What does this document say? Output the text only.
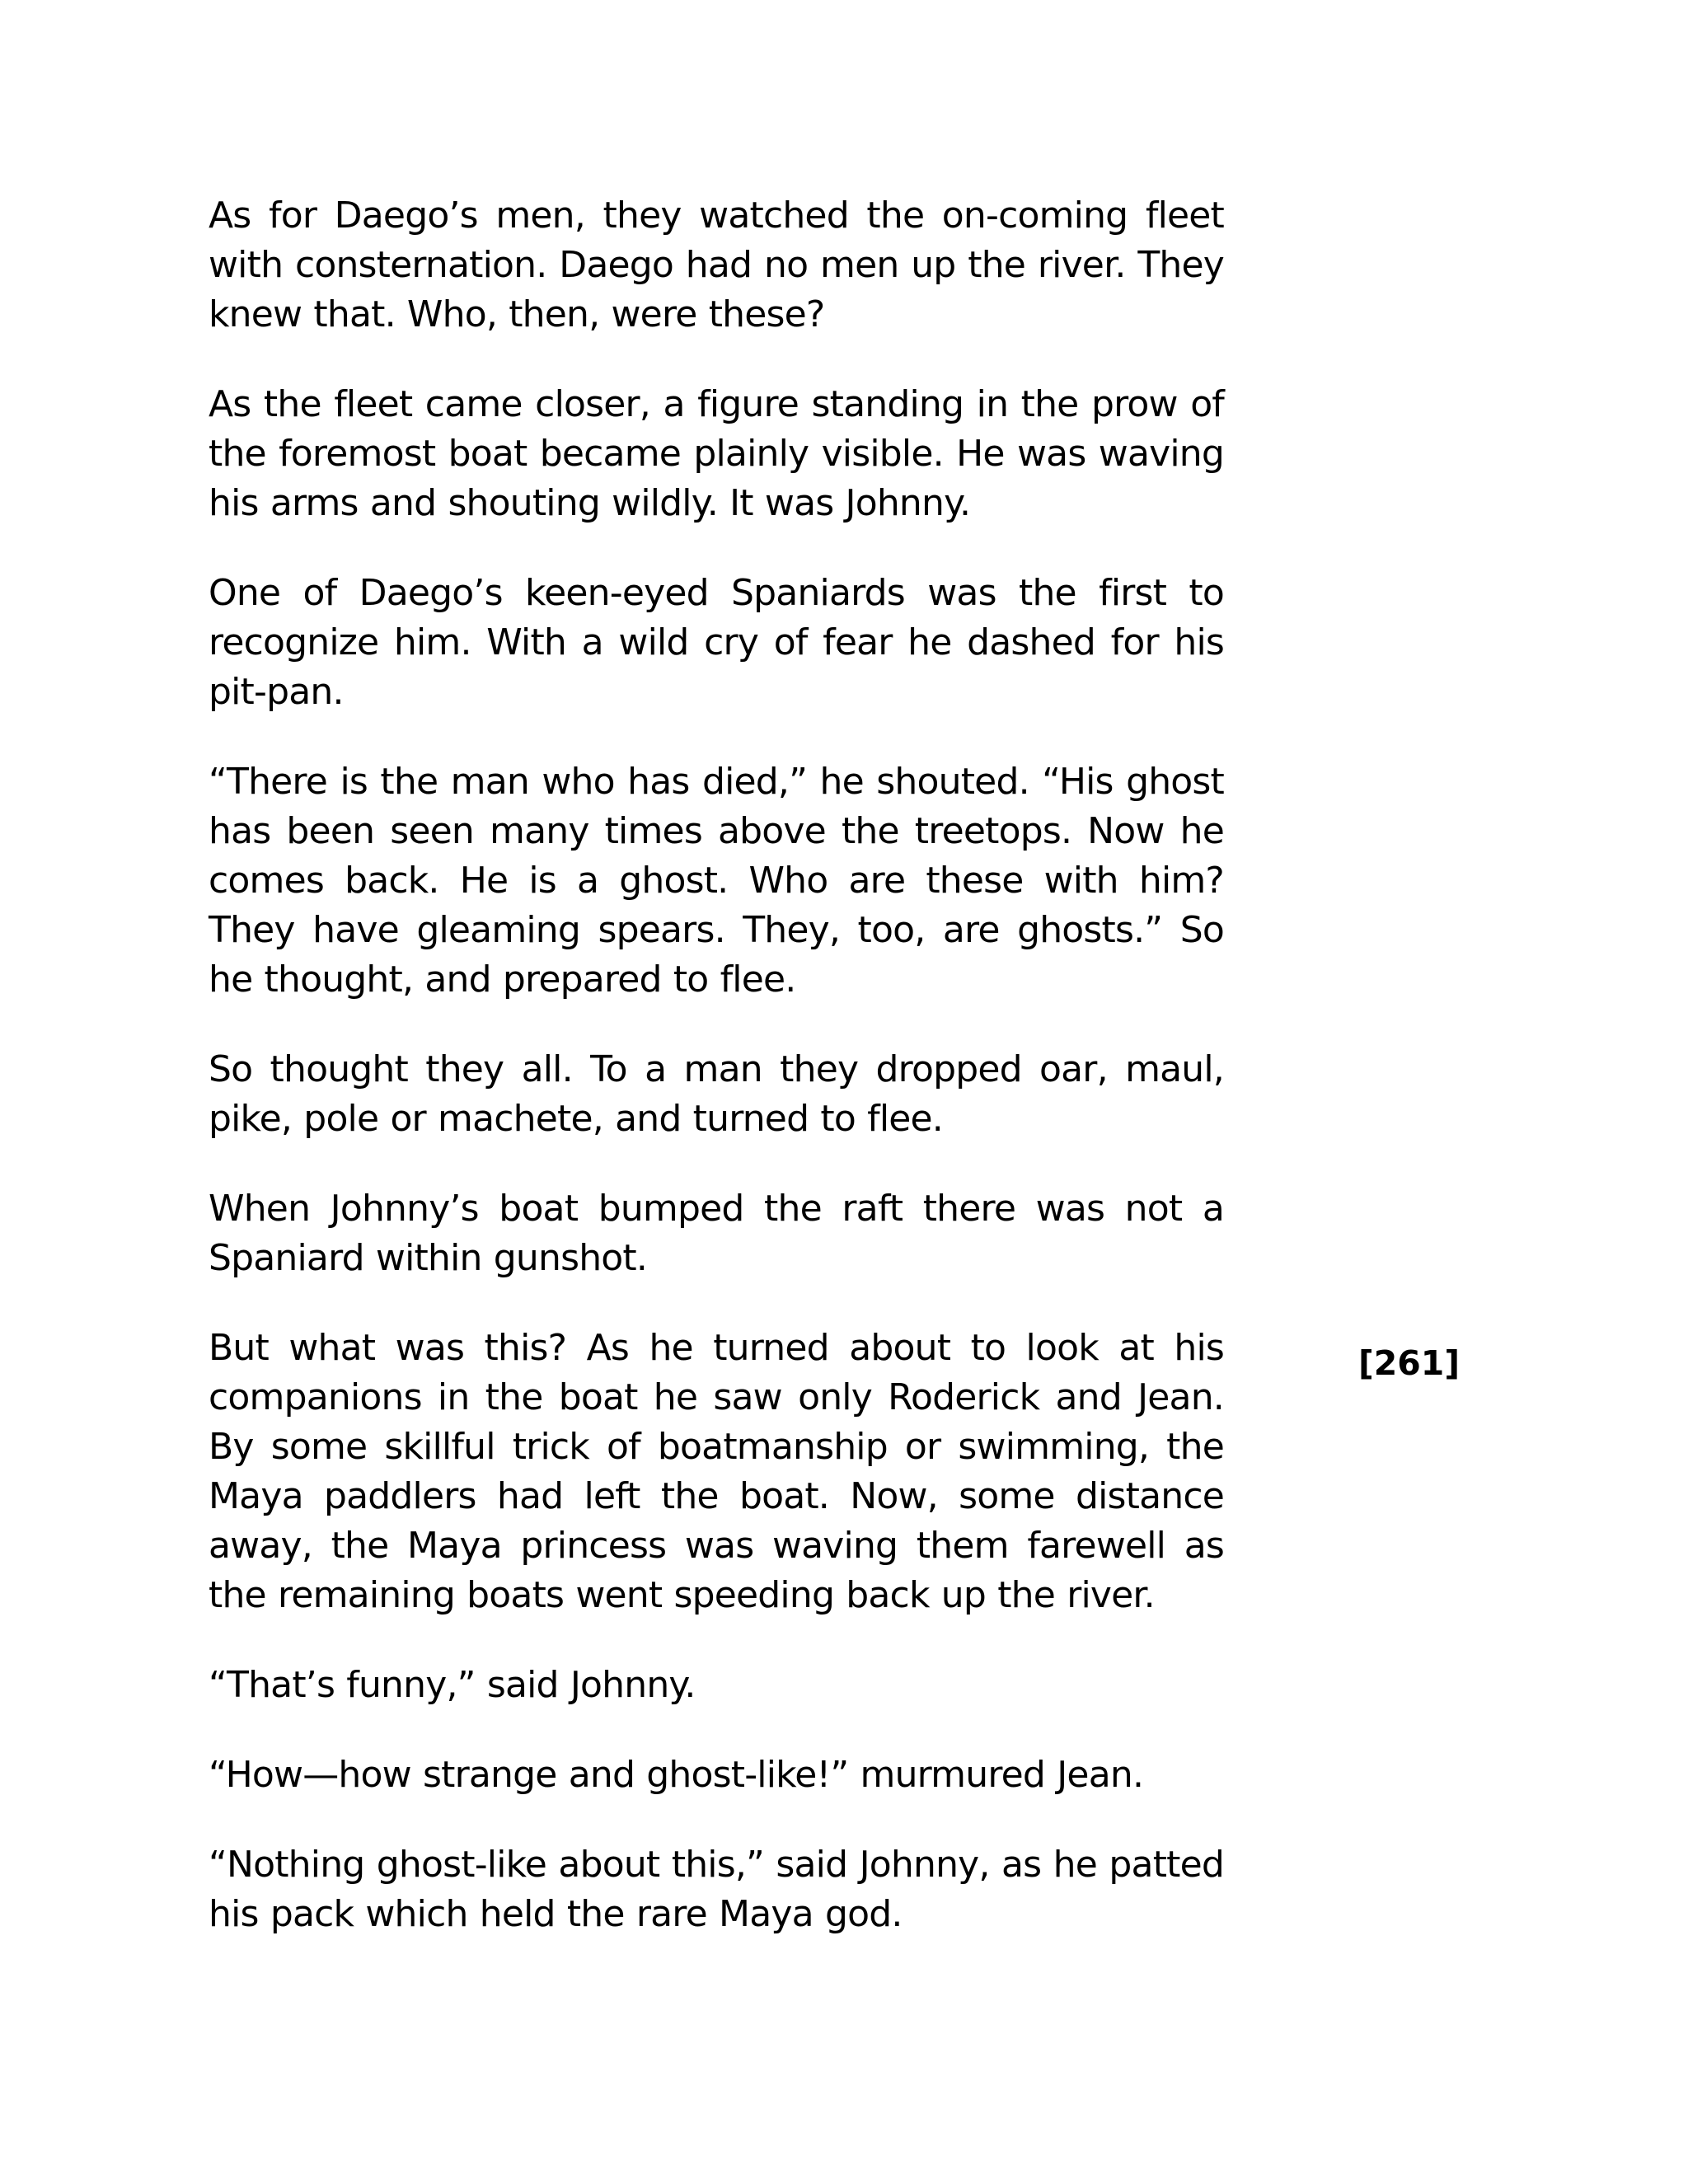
As for Daego’s men, they watched the on-coming fleet with consternation. Daego had no men up the river. They knew that. Who, then, were these?

As the fleet came closer, a figure standing in the prow of the foremost boat became plainly visible. He was waving his arms and shouting wildly. It was Johnny.

One of Daego’s keen-eyed Spaniards was the first to recognize him. With a wild cry of fear he dashed for his pit-pan.

“There is the man who has died,” he shouted. “His ghost has been seen many times above the treetops. Now he comes back. He is a ghost. Who are these with him? They have gleaming spears. They, too, are ghosts.” So he thought, and prepared to flee.

So thought they all. To a man they dropped oar, maul, pike, pole or machete, and turned to flee.

When Johnny’s boat bumped the raft there was not a Spaniard within gunshot.

But what was this? As he turned about to look at his companions in the boat he saw only Roderick and Jean. By some skillful trick of boatmanship or swimming, the Maya paddlers had left the boat. Now, some distance away, the Maya princess was waving them farewell as the remaining boats went speeding back up the river.

“That’s funny,” said Johnny.

“How—how strange and ghost-like!” murmured Jean.

“Nothing ghost-like about this,” said Johnny, as he patted his pack which held the rare Maya god.

[261]
